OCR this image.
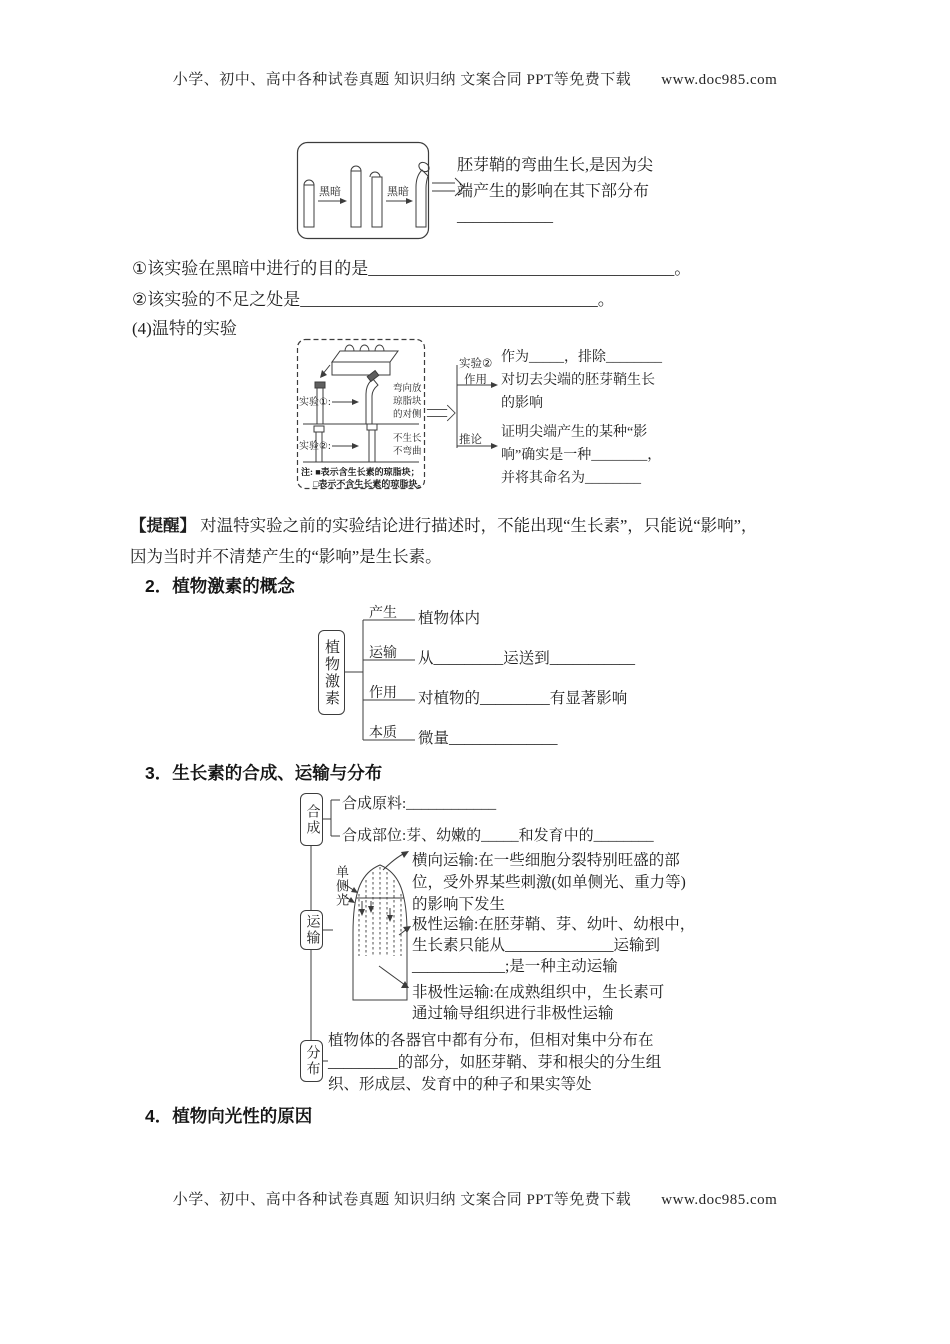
小学、初中、高中各种试卷真题 知识归纳 文案合同 PPT等免费下载 www.doc985.com
黑暗	黑暗
胚芽鞘的弯曲生长,是因为尖
端产生的影响在其下部分布
____________
①该实验在黑暗中进行的目的是____________________________________。
②该实验的不足之处是___________________________________。
(4)温特的实验
实验①:
弯向放
琼脂块
的对侧
实验②:
不生长
不弯曲
注: ■表示含生长素的琼脂块；
□表示不含生长素的琼脂块。
实验②
作用
推论
作为_____，排除________
对切去尖端的胚芽鞘生长
的影响
证明尖端产生的某种“影
响”确实是一种________，
并将其命名为________
【提醒】 对温特实验之前的实验结论进行描述时，不能出现“生长素”，只能说“影响”，
因为当时并不清楚产生的“影响”是生长素。
2．植物激素的概念
植物激素
产生
运输
作用
本质
植物体内
从_________运送到___________
对植物的_________有显著影响
微量______________
3．生长素的合成、运输与分布
合成
运输
分布
合成原料:____________
合成部位:芽、幼嫩的_____和发育中的________
单侧光
横向运输:在一些细胞分裂特别旺盛的部
位，受外界某些刺激(如单侧光、重力等)
的影响下发生
极性运输:在胚芽鞘、芽、幼叶、幼根中，
生长素只能从______________运输到
____________;是一种主动运输
非极性运输:在成熟组织中，生长素可
通过输导组织进行非极性运输
植物体的各器官中都有分布，但相对集中分布在
_________的部分，如胚芽鞘、芽和根尖的分生组
织、形成层、发育中的种子和果实等处
4．植物向光性的原因
小学、初中、高中各种试卷真题 知识归纳 文案合同 PPT等免费下载 www.doc985.com
